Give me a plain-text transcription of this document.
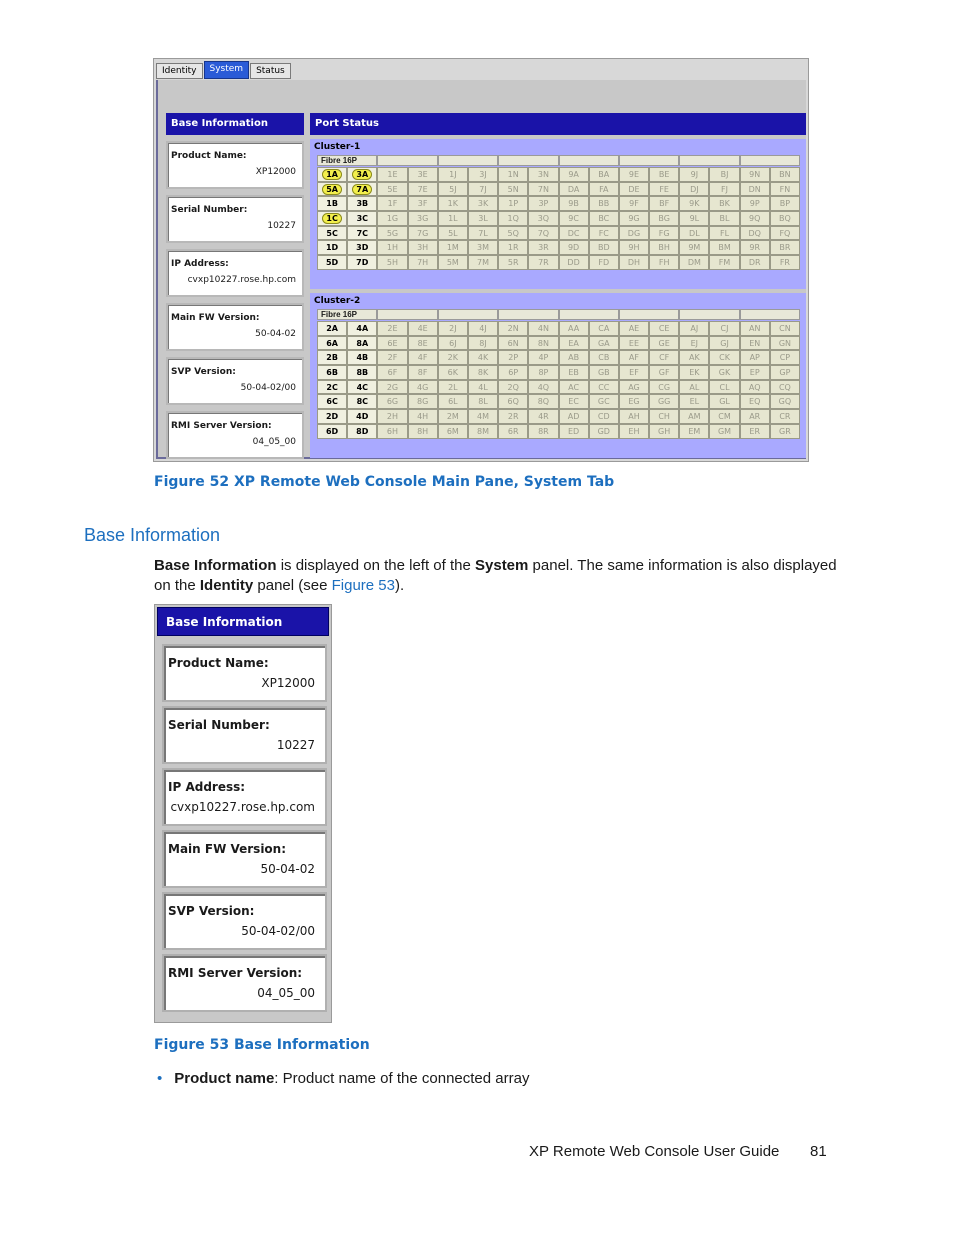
Identity	System	Status
Base Information
Product Name:
XP12000
Serial Number:
10227
IP Address:
cvxp10227.rose.hp.com
Main FW Version:
50-04-02
SVP Version:
50-04-02/00
RMI Server Version:
04_05_00
Port Status
Cluster-1
Fibre 16P
1A	3A	1E	3E	1J	3J	1N	3N	9A	BA	9E	BE	9J	BJ	9N	BN
5A	7A	5E	7E	5J	7J	5N	7N	DA	FA	DE	FE	DJ	FJ	DN	FN
1B	3B	1F	3F	1K	3K	1P	3P	9B	BB	9F	BF	9K	BK	9P	BP
1C	3C	1G	3G	1L	3L	1Q	3Q	9C	BC	9G	BG	9L	BL	9Q	BQ
5C	7C	5G	7G	5L	7L	5Q	7Q	DC	FC	DG	FG	DL	FL	DQ	FQ
1D	3D	1H	3H	1M	3M	1R	3R	9D	BD	9H	BH	9M	BM	9R	BR
5D	7D	5H	7H	5M	7M	5R	7R	DD	FD	DH	FH	DM	FM	DR	FR
Cluster-2
Fibre 16P
2A	4A	2E	4E	2J	4J	2N	4N	AA	CA	AE	CE	AJ	CJ	AN	CN
6A	8A	6E	8E	6J	8J	6N	8N	EA	GA	EE	GE	EJ	GJ	EN	GN
2B	4B	2F	4F	2K	4K	2P	4P	AB	CB	AF	CF	AK	CK	AP	CP
6B	8B	6F	8F	6K	8K	6P	8P	EB	GB	EF	GF	EK	GK	EP	GP
2C	4C	2G	4G	2L	4L	2Q	4Q	AC	CC	AG	CG	AL	CL	AQ	CQ
6C	8C	6G	8G	6L	8L	6Q	8Q	EC	GC	EG	GG	EL	GL	EQ	GQ
2D	4D	2H	4H	2M	4M	2R	4R	AD	CD	AH	CH	AM	CM	AR	CR
6D	8D	6H	8H	6M	8M	6R	8R	ED	GD	EH	GH	EM	GM	ER	GR
Figure 52 XP Remote Web Console Main Pane, System Tab
Base Information
Base Information is displayed on the left of the System panel. The same information is also displayed on the Identity panel (see Figure 53).
Base Information
Product Name:
XP12000
Serial Number:
10227
IP Address:
cvxp10227.rose.hp.com
Main FW Version:
50-04-02
SVP Version:
50-04-02/00
RMI Server Version:
04_05_00
Figure 53 Base Information
• Product name: Product name of the connected array
XP Remote Web Console User Guide 81
